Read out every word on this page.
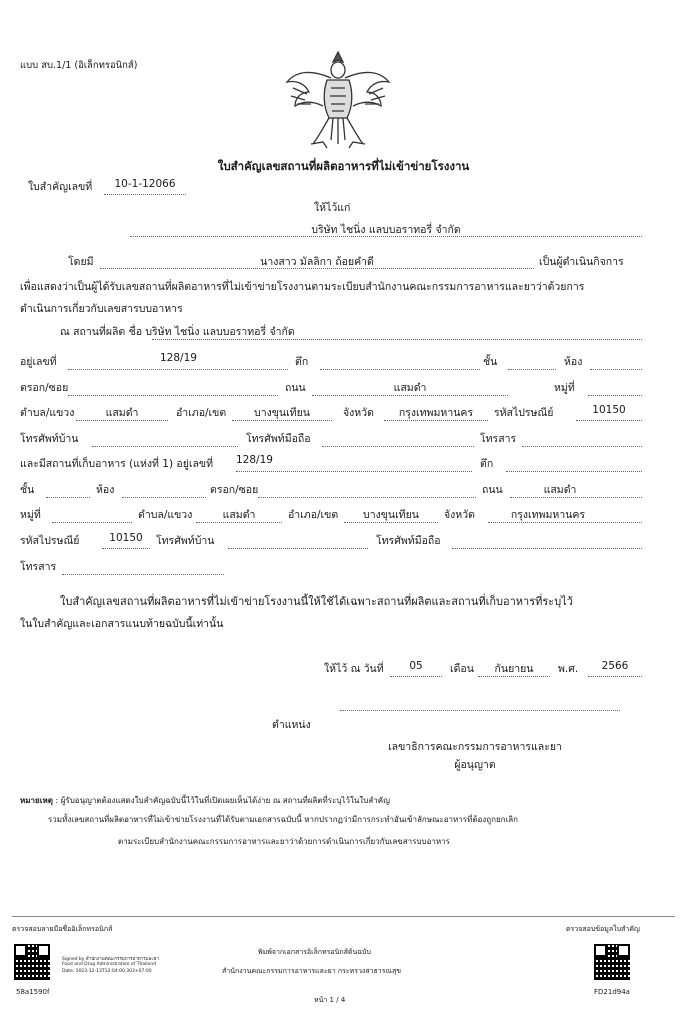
แบบ สบ.1/1 (อิเล็กทรอนิกส์)
ใบสำคัญเลขสถานที่ผลิตอาหารที่ไม่เข้าข่ายโรงงาน
ใบสำคัญเลขที่	10-1-12066
ให้ไว้แก่
บริษัท ไชนิ่ง แลบบอราทอรี่ จำกัด
โดยมี	นางสาว มัลลิกา ถ้อยคำดี	เป็นผู้ดำเนินกิจการ
เพื่อแสดงว่าเป็นผู้ได้รับเลขสถานที่ผลิตอาหารที่ไม่เข้าข่ายโรงงานตามระเบียบสำนักงานคณะกรรมการอาหารและยาว่าด้วยการ
ดำเนินการเกี่ยวกับเลขสารบบอาหาร
ณ สถานที่ผลิต ชื่อ บริษัท ไชนิ่ง แลบบอราทอรี่ จำกัด
อยู่เลขที่	128/19	ตึก	ชั้น	ห้อง
ตรอก/ซอย	ถนน	แสมดำ	หมู่ที่
ตำบล/แขวง	แสมดำ	อำเภอ/เขต	บางขุนเทียน	จังหวัด	กรุงเทพมหานคร	รหัสไปรษณีย์	10150
โทรศัพท์บ้าน	โทรศัพท์มือถือ	โทรสาร
และมีสถานที่เก็บอาหาร (แห่งที่ 1) อยู่เลขที่ 128/19	ตึก
ชั้น	ห้อง	ตรอก/ซอย	ถนน	แสมดำ
หมู่ที่	ตำบล/แขวง	แสมดำ	อำเภอ/เขต	บางขุนเทียน	จังหวัด	กรุงเทพมหานคร
รหัสไปรษณีย์	10150	โทรศัพท์บ้าน	โทรศัพท์มือถือ
โทรสาร
ใบสำคัญเลขสถานที่ผลิตอาหารที่ไม่เข้าข่ายโรงงานนี้ให้ใช้ได้เฉพาะสถานที่ผลิตและสถานที่เก็บอาหารที่ระบุไว้
ในใบสำคัญและเอกสารแนบท้ายฉบับนี้เท่านั้น
ให้ไว้ ณ วันที่	05	เดือน	กันยายน	พ.ศ.	2566
ตำแหน่ง
เลขาธิการคณะกรรมการอาหารและยา
ผู้อนุญาต
หมายเหตุ : ผู้รับอนุญาตต้องแสดงใบสำคัญฉบับนี้ไว้ในที่เปิดเผยเห็นได้ง่าย ณ สถานที่ผลิตที่ระบุไว้ในใบสำคัญ
รวมทั้งเลขสถานที่ผลิตอาหารที่ไม่เข้าข่ายโรงงานที่ได้รับตามเอกสารฉบับนี้ หากปรากฏว่ามีการกระทำอันเข้าลักษณะอาหารที่ต้องถูกยกเลิก
ตามระเบียบสำนักงานคณะกรรมการอาหารและยาว่าด้วยการดำเนินการเกี่ยวกับเลขสารบบอาหาร
ตรวจสอบลายมือชื่ออิเล็กทรอนิกส์	ตรวจสอบข้อมูลใบสำคัญ
58a1590f
Signed by สำนักงานคณะกรรมการอาหารและยา
Food and Drug Administration of Thailand
Date: 2023-12-13T12:04:00.303+07:00
พิมพ์จากเอกสารอิเล็กทรอนิกส์ต้นฉบับ
สำนักงานคณะกรรมการอาหารและยา กระทรวงสาธารณสุข
หน้า 1 / 4
FD21d94a
